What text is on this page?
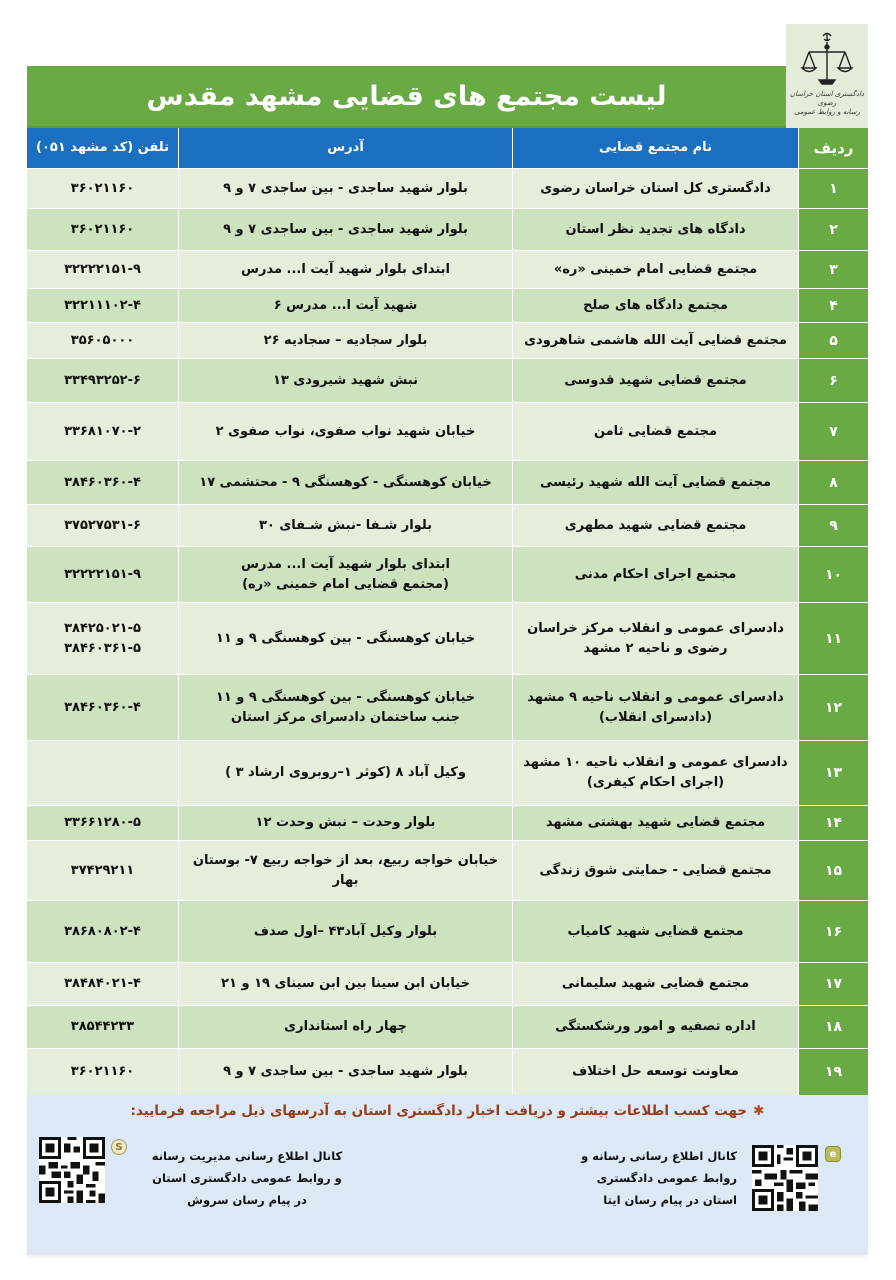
دادگستری استان خراسان رضوی
رسانه و روابط عمومی
لیست مجتمع های قضایی مشهد مقدس
ردیف
نام مجتمع قضایی
آدرس
تلفن (کد مشهد ۰۵۱)
۱
دادگستری کل استان خراسان رضوی
بلوار شهید ساجدی - بین ساجدی ۷ و ۹
۳۶۰۲۱۱۶۰
۲
دادگاه های تجدید نظر استان
بلوار شهید ساجدی - بین ساجدی ۷ و ۹
۳۶۰۲۱۱۶۰
۳
مجتمع قضایی امام خمینی «ره»
ابتدای بلوار شهید آیت ا... مدرس
۳۲۲۲۲۱۵۱-۹
۴
مجتمع دادگاه های صلح
شهید آیت ا... مدرس ۶
۳۲۲۱۱۱۰۲-۴
۵
مجتمع قضایی آیت الله هاشمی شاهرودی
بلوار سجادیه – سجادیه ۲۶
۳۵۶۰۵۰۰۰
۶
مجتمع قضایی شهید قدوسی
نبش شهید شیرودی ۱۳
۳۳۴۹۳۲۵۲-۶
۷
مجتمع قضایی ثامن
خیابان شهید نواب صفوی، نواب صفوی ۲
۳۳۶۸۱۰۷۰-۲
۸
مجتمع قضایی آیت الله شهید رئیسی
خیابان کوهسنگی - کوهسنگی ۹ - محتشمی ۱۷
۳۸۴۶۰۳۶۰-۴
۹
مجتمع قضایی شهید مطهری
بلوار شـفا -نبش شـفای ۳۰
۳۷۵۲۷۵۳۱-۶
۱۰
مجتمع اجرای احکام مدنی
ابتدای بلوار شهید آیت ا... مدرس
(مجتمع قضایی امام خمینی «ره)
۳۲۲۲۲۱۵۱-۹
۱۱
دادسرای عمومی و انقلاب مرکز خراسان
رضوی و ناحیه ۲ مشهد
خیابان کوهسنگی - بین کوهسنگی ۹ و ۱۱
۳۸۴۲۵۰۲۱-۵
۳۸۴۶۰۳۶۱-۵
۱۲
دادسرای عمومی و انقلاب ناحیه ۹ مشهد
(دادسرای انقلاب)
خیابان کوهسنگی - بین کوهسنگی ۹ و ۱۱
جنب ساختمان دادسرای مرکز استان
۳۸۴۶۰۳۶۰-۴
۱۳
دادسرای عمومی و انقلاب ناحیه ۱۰ مشهد
(اجرای احکام کیفری)
وکیل آباد ۸ (کوثر ۱–روبروی ارشاد ۳ )
۱۴
مجتمع قضایی شهید بهشتی مشهد
بلوار وحدت – نبش وحدت ۱۲
۳۳۶۶۱۲۸۰-۵
۱۵
مجتمع قضایی - حمایتی شوق زندگی
خیابان خواجه ربیع، بعد از خواجه ربیع ۷- بوستان بهار
۳۷۴۲۹۲۱۱
۱۶
مجتمع قضایی شهید کامیاب
بلوار وکیل آباد۴۳ –اول صدف
۳۸۶۸۰۸۰۲-۴
۱۷
مجتمع قضایی شهید سلیمانی
خیابان ابن سینا بین ابن سینای ۱۹ و ۲۱
۳۸۴۸۴۰۲۱-۴
۱۸
اداره تصفیه و امور ورشکستگی
چهار راه استانداری
۳۸۵۴۴۲۳۳
۱۹
معاونت توسعه حل اختلاف
بلوار شهید ساجدی - بین ساجدی ۷ و ۹
۳۶۰۲۱۱۶۰
✱جهت کسب اطلاعات بیشتر و دریافت اخبار دادگستری استان به آدرسهای ذیل مراجعه فرمایید:
e
کانال اطلاع رسانی رسانه و
روابط عمومی دادگستری
استان در پیام رسان ایتا
S
کانال اطلاع رسانی مدیریت رسانه
و روابط عمومی دادگستری استان
در پیام رسان سروش
